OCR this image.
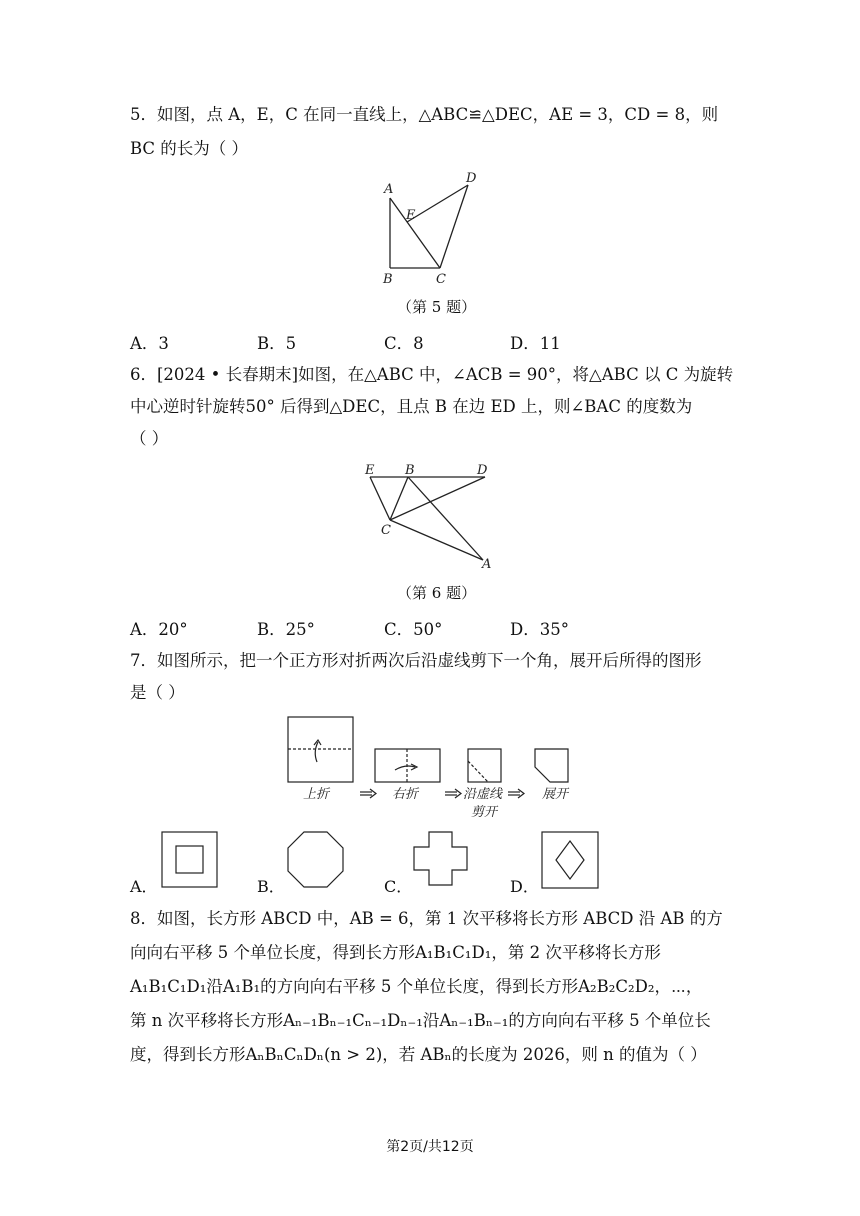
5．如图，点 A，E，C 在同一直线上，△ABC≌△DEC，AE = 3，CD = 8，则
BC 的长为（ ）
A
E
D
B	C
（第 5 题）
A．3	B．5	C．8	D．11
6．[2024 • 长春期末]如图，在△ABC 中，∠ACB = 90°，将△ABC 以 C 为旋转
中心逆时针旋转50° 后得到△DEC，且点 B 在边 ED 上，则∠BAC 的度数为
（ ）
E B	D
C
A
（第 6 题）
A．20°	B．25°	C．50°	D．35°
7．如图所示，把一个正方形对折两次后沿虚线剪下一个角，展开后所得的图形
是（ ）
上折	右折	沿虚线
剪开
展开
A．	B．	C．	D．
8．如图，长方形 ABCD 中，AB = 6，第 1 次平移将长方形 ABCD 沿 AB 的方
向向右平移 5 个单位长度，得到长方形A₁B₁C₁D₁，第 2 次平移将长方形
A₁B₁C₁D₁沿A₁B₁的方向向右平移 5 个单位长度，得到长方形A₂B₂C₂D₂，⋯，
第 n 次平移将长方形Aₙ₋₁Bₙ₋₁Cₙ₋₁Dₙ₋₁沿Aₙ₋₁Bₙ₋₁的方向向右平移 5 个单位长
度，得到长方形AₙBₙCₙDₙ(n > 2)，若 ABₙ的长度为 2026，则 n 的值为（ ）
第2页/共12页
